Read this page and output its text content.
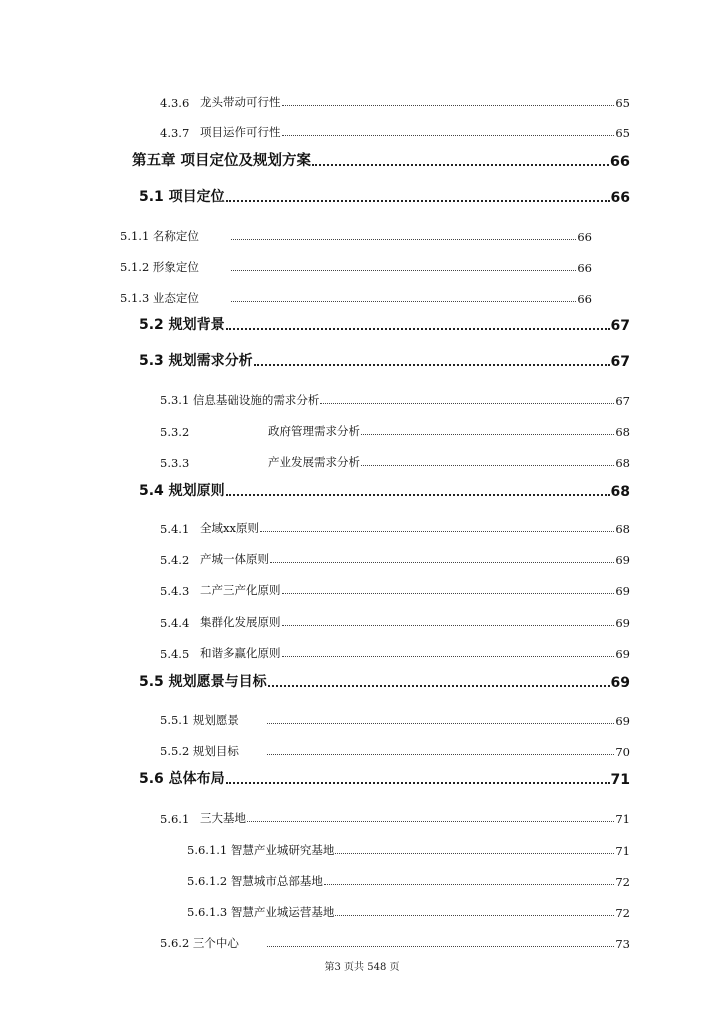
4.3.6 龙头带动可行性	65
4.3.7 项目运作可行性	65
第五章 项目定位及规划方案	66
5.1 项目定位	66
5.1.1 名称定位	66
5.1.2 形象定位	66
5.1.3 业态定位	66
5.2 规划背景	67
5.3 规划需求分析	67
5.3.1 信息基础设施的需求分析	67
5.3.2	政府管理需求分析	68
5.3.3	产业发展需求分析	68
5.4 规划原则	68
5.4.1 全域xx原则	68
5.4.2 产城一体原则	69
5.4.3 二产三产化原则	69
5.4.4 集群化发展原则	69
5.4.5 和谐多赢化原则	69
5.5 规划愿景与目标	69
5.5.1 规划愿景	69
5.5.2 规划目标	70
5.6 总体布局	71
5.6.1 三大基地	71
5.6.1.1 智慧产业城研究基地	71
5.6.1.2 智慧城市总部基地	72
5.6.1.3 智慧产业城运营基地	72
5.6.2 三个中心	73
第3 页共 548 页
